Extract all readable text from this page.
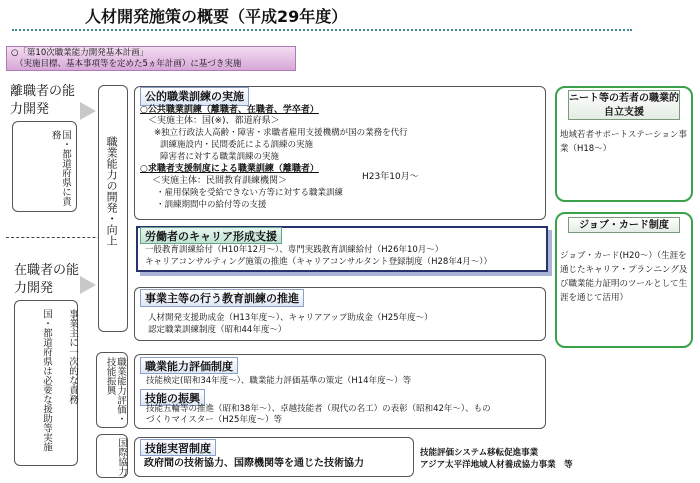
人材開発施策の概要（平成29年度）
○「第10次職業能力開発基本計画」
（実施目標、基本事項等を定めた5ヵ年計画）に基づき実施
離職者の能力開発
国・都道府県に責務
在職者の能力開発
事業主に一次的な責務
国・都道府県は必要な援助等実施
職業能力の開発・向上
職業能力評価・技能振興
国際協力
公的職業訓練の実施
○公共職業訓練（離職者、在職者、学卒者）
＜実施主体：国(※)、都道府県＞
※独立行政法人高齢・障害・求職者雇用支援機構が国の業務を代行
訓練施設内・民間委託による訓練の実施
障害者に対する職業訓練の実施
○求職者支援制度による職業訓練（離職者）
＜実施主体：民間教育訓練機関＞
・雇用保険を受給できない方等に対する職業訓練
・訓練期間中の給付等の支援
H23年10月〜
労働者のキャリア形成支援
一般教育訓練給付（H10年12月〜）、専門実践教育訓練給付（H26年10月〜）
キャリアコンサルティング施策の推進（キャリアコンサルタント登録制度（H28年4月〜））
事業主等の行う教育訓練の推進
人材開発支援助成金（H13年度〜）、キャリアアップ助成金（H25年度〜）
認定職業訓練制度（昭和44年度〜）
職業能力評価制度
技能検定(昭和34年度〜）、職業能力評価基準の策定（H14年度〜）等
技能の振興
技能五輪等の推進（昭和38年〜）、卓越技能者（現代の名工）の表彰（昭和42年〜）、もの
づくりマイスター（H25年度〜）等
技能実習制度
政府間の技術協力、国際機関等を通じた技術協力
技能評価システム移転促進事業
アジア太平洋地域人材養成協力事業　等
ニート等の若者の職業的自立支援
地域若者サポートステーション事業（H18〜）
ジョブ・カード制度
ジョブ・カード(H20〜）（生涯を通じたキャリア・プランニング及び職業能力証明のツールとして生涯を通じて活用）
